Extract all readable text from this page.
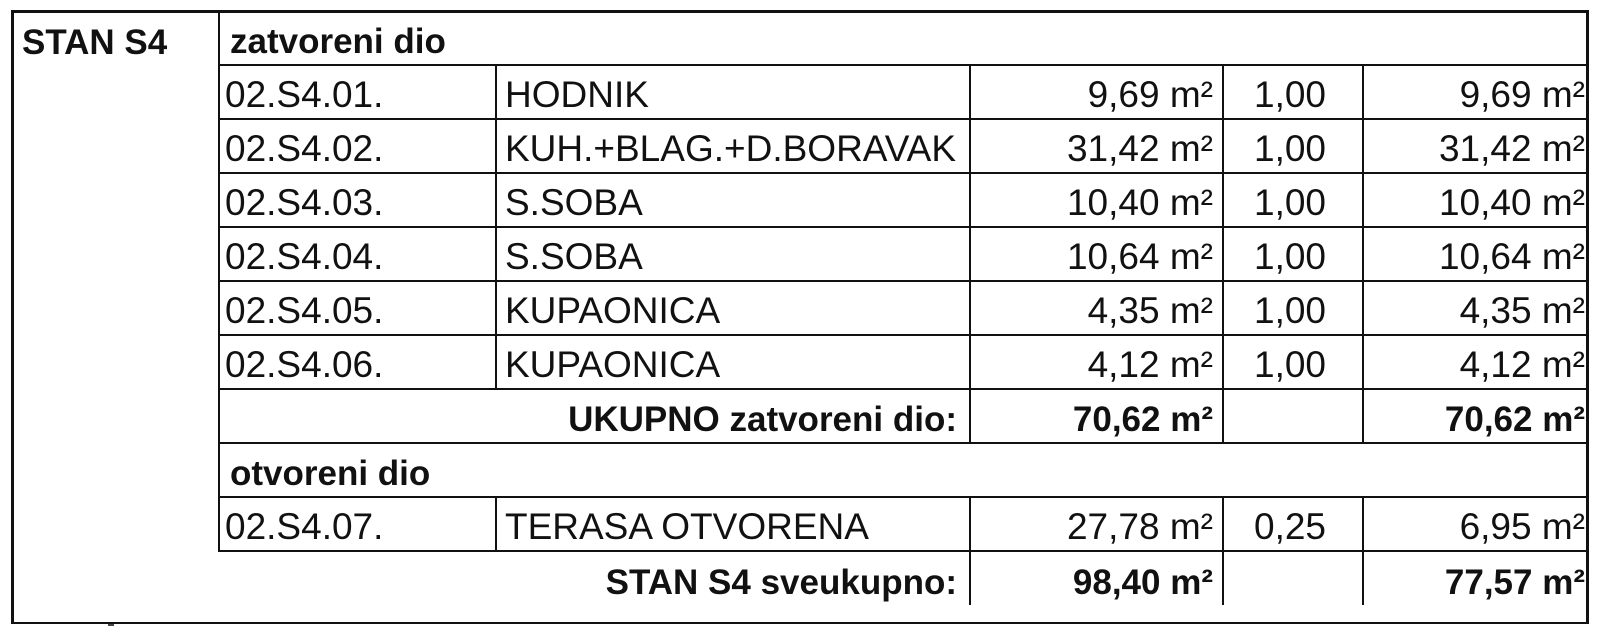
STAN S4	zatvoreni dio				
	02.S4.01.	HODNIK	9,69 m²	1,00	9,69 m²
	02.S4.02.	KUH.+BLAG.+D.BORAVAK	31,42 m²	1,00	31,42 m²
	02.S4.03.	S.SOBA	10,40 m²	1,00	10,40 m²
	02.S4.04.	S.SOBA	10,64 m²	1,00	10,64 m²
	02.S4.05.	KUPAONICA	4,35 m²	1,00	4,35 m²
	02.S4.06.	KUPAONICA	4,12 m²	1,00	4,12 m²
	UKUPNO zatvoreni dio:		70,62 m²		70,62 m²
	otvoreni dio				
	02.S4.07.	TERASA OTVORENA	27,78 m²	0,25	6,95 m²
	STAN S4 sveukupno:		98,40 m²		77,57 m²
